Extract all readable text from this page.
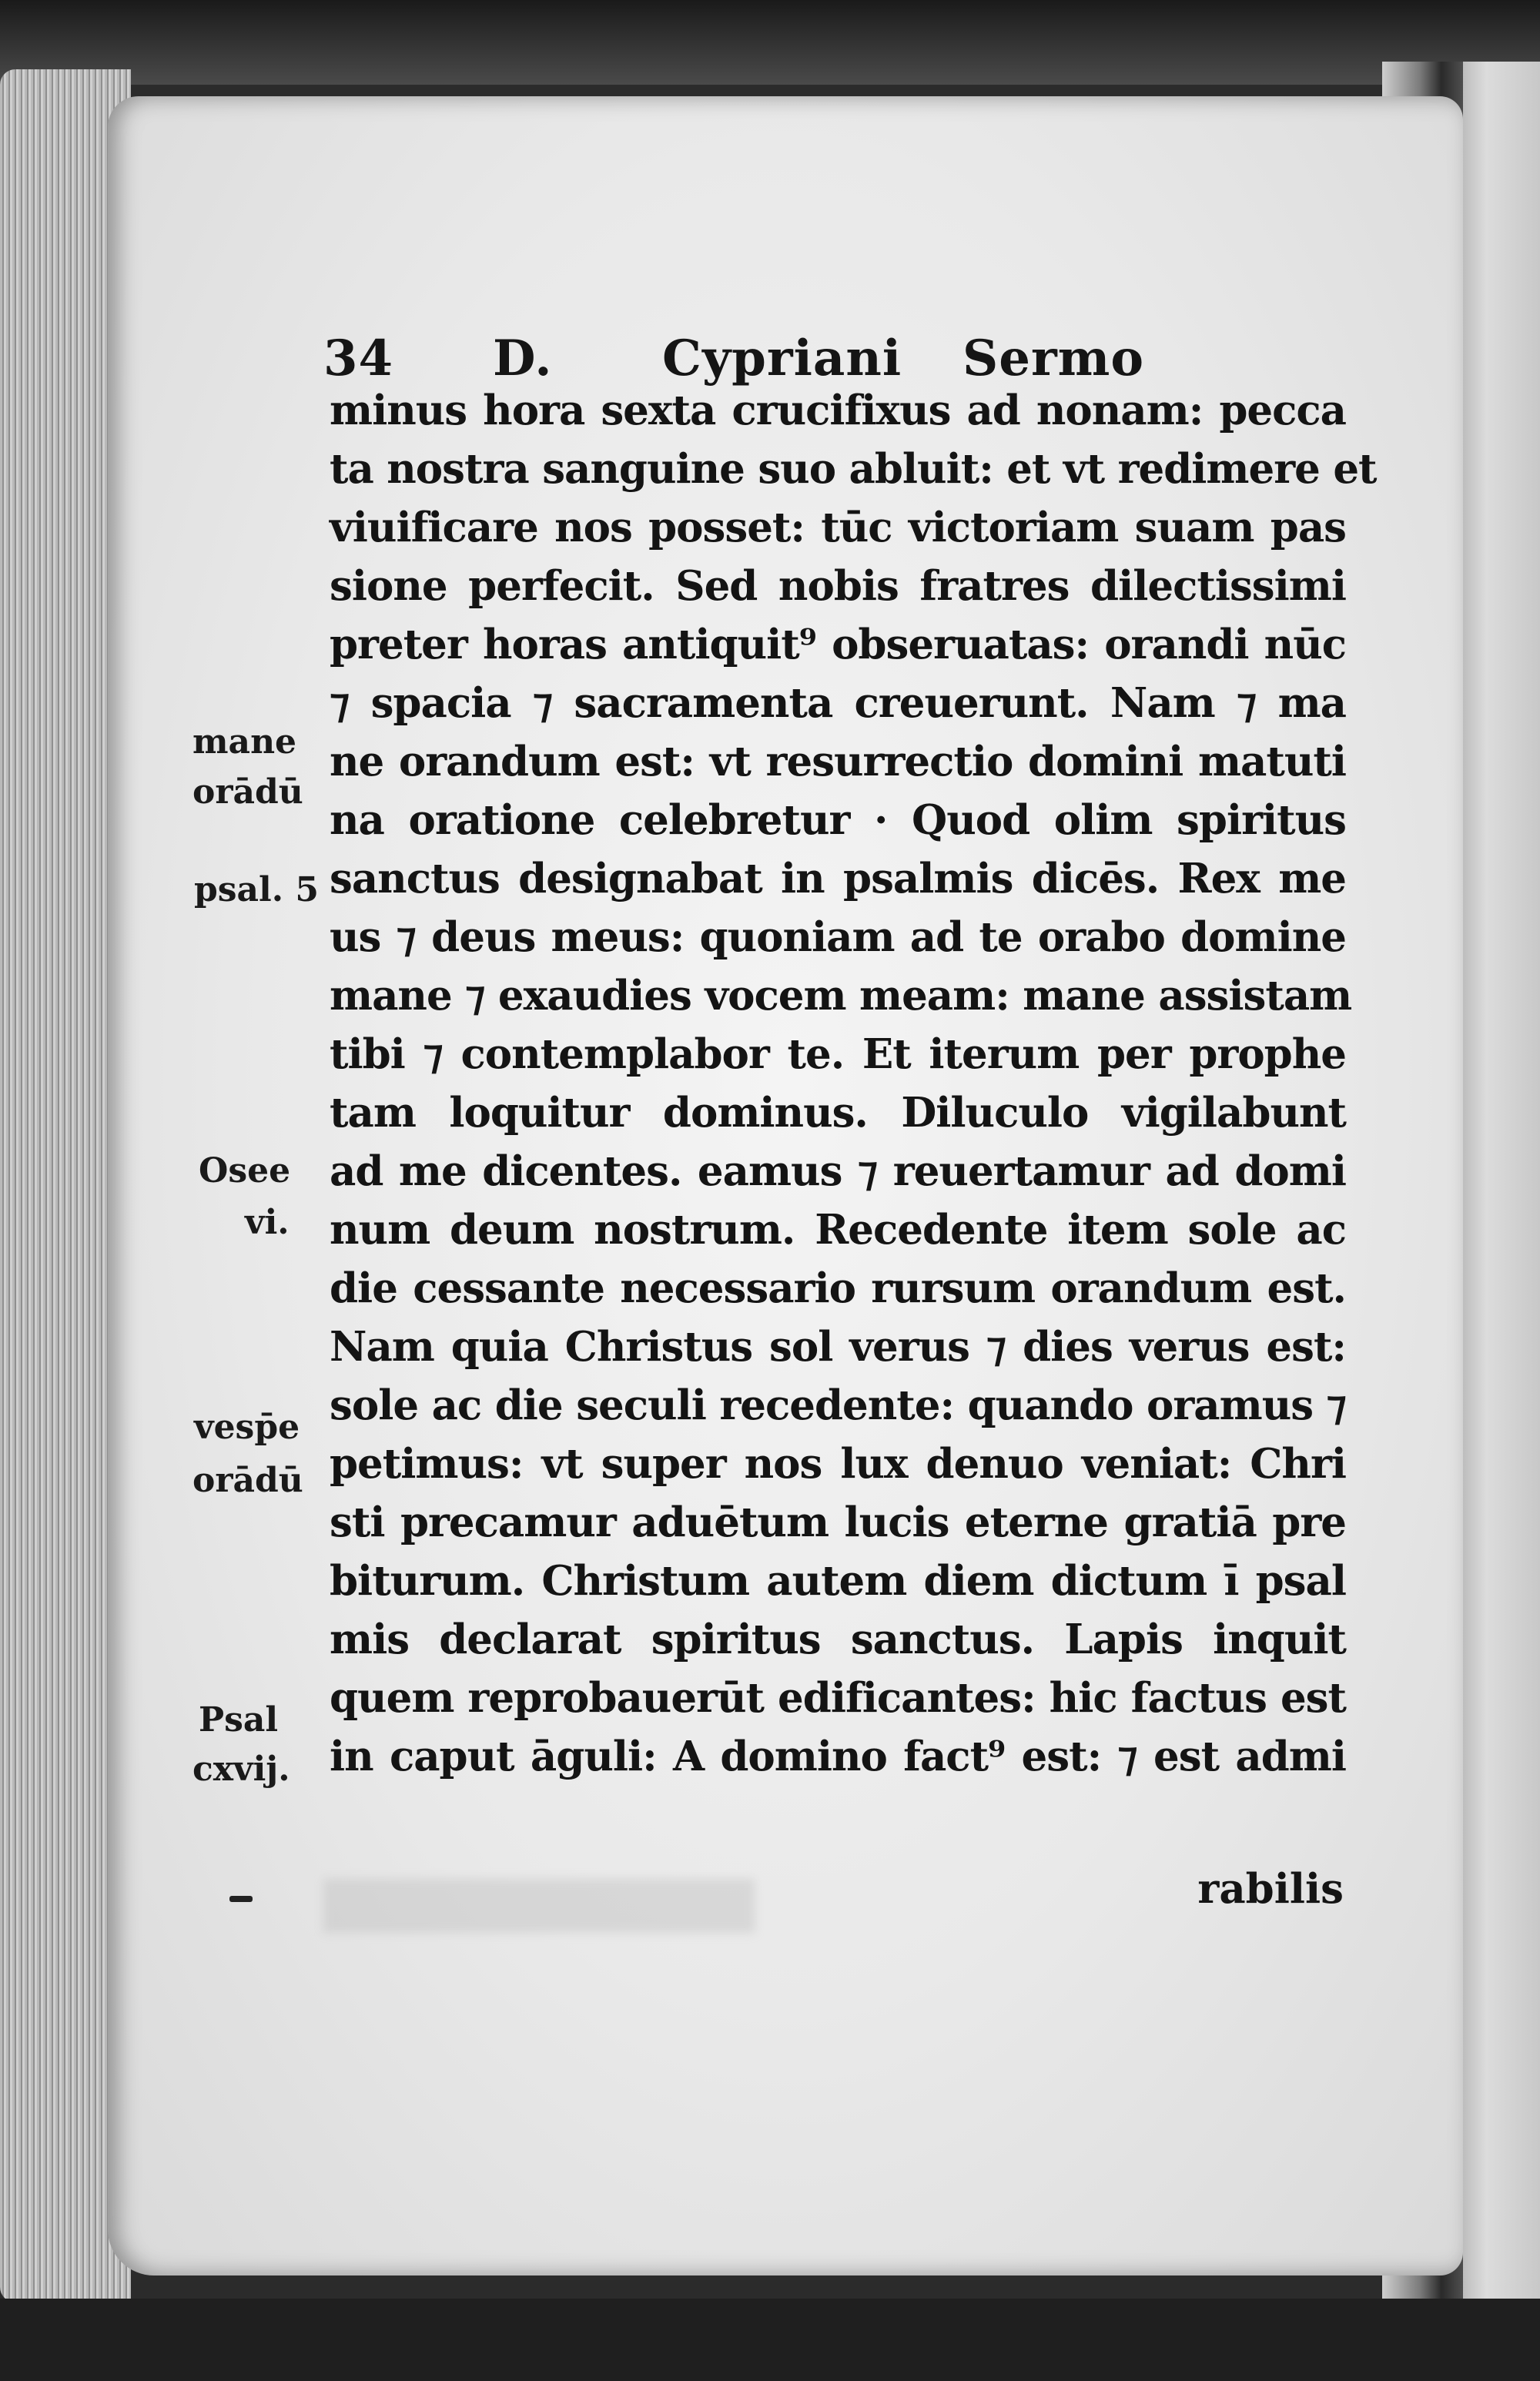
34 D. Cypriani Sermo
minus hora sexta crucifixus ad nonam: pecca
ta nostra sanguine suo abluit: et vt redimere et
viuificare nos posset: tūc victoriam suam pas
sione perfecit. Sed nobis fratres dilectissimi
preter horas antiquit⁹ obseruatas: orandi nūc
⁊ spacia ⁊ sacramenta creuerunt. Nam ⁊ ma
ne orandum est: vt resurrectio domini matuti
na oratione celebretur · Quod olim spiritus
sanctus designabat in psalmis dicēs. Rex me
us ⁊ deus meus: quoniam ad te orabo domine
mane ⁊ exaudies vocem meam: mane assistam
tibi ⁊ contemplabor te. Et iterum per prophe
tam loquitur dominus. Diluculo vigilabunt
ad me dicentes. eamus ⁊ reuertamur ad domi
num deum nostrum. Recedente item sole ac
die cessante necessario rursum orandum est.
Nam quia Christus sol verus ⁊ dies verus est:
sole ac die seculi recedente: quando oramus ⁊
petimus: vt super nos lux denuo veniat: Chri
sti precamur aduētum lucis eterne gratiā pre
biturum. Christum autem diem dictum ī psal
mis declarat spiritus sanctus. Lapis inquit
quem reprobauerūt edificantes: hic factus est
in caput āguli: A domino fact⁹ est: ⁊ est admi
rabilis
mane
orādū
psal. 5
Osee
vi.
vesp̄e
orādū
Psal
cxvij.
